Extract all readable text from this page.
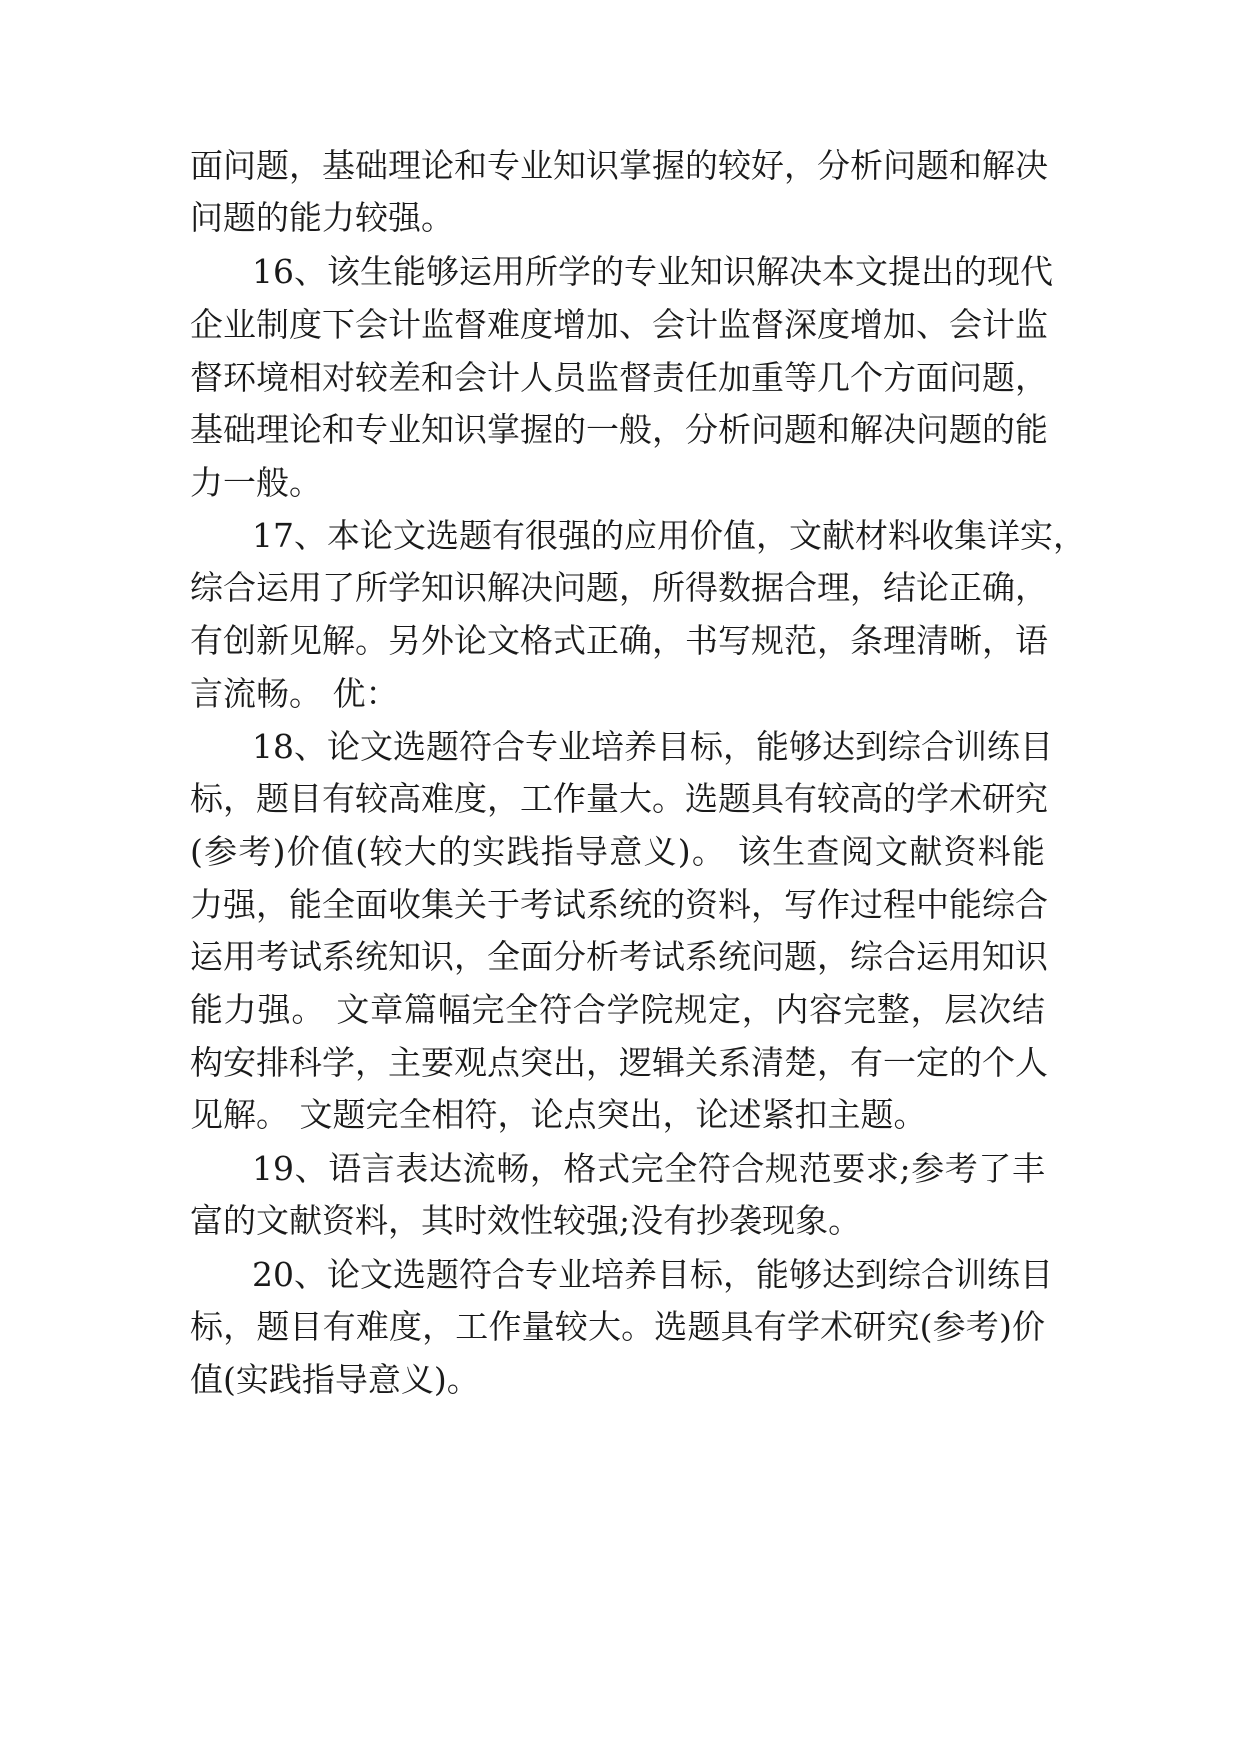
面问题，基础理论和专业知识掌握的较好，分析问题和解决
问题的能力较强。
16、该生能够运用所学的专业知识解决本文提出的现代
企业制度下会计监督难度增加、会计监督深度增加、会计监
督环境相对较差和会计人员监督责任加重等几个方面问题，
基础理论和专业知识掌握的一般，分析问题和解决问题的能
力一般。
17、本论文选题有很强的应用价值，文献材料收集详实，
综合运用了所学知识解决问题，所得数据合理，结论正确，
有创新见解。另外论文格式正确，书写规范，条理清晰，语
言流畅。 优：
18、论文选题符合专业培养目标，能够达到综合训练目
标，题目有较高难度，工作量大。选题具有较高的学术研究
(参考)价值(较大的实践指导意义)。 该生查阅文献资料能
力强，能全面收集关于考试系统的资料，写作过程中能综合
运用考试系统知识，全面分析考试系统问题，综合运用知识
能力强。 文章篇幅完全符合学院规定，内容完整，层次结
构安排科学，主要观点突出，逻辑关系清楚，有一定的个人
见解。 文题完全相符，论点突出，论述紧扣主题。
19、语言表达流畅，格式完全符合规范要求;参考了丰
富的文献资料，其时效性较强;没有抄袭现象。
20、论文选题符合专业培养目标，能够达到综合训练目
标，题目有难度，工作量较大。选题具有学术研究(参考)价
值(实践指导意义)。
